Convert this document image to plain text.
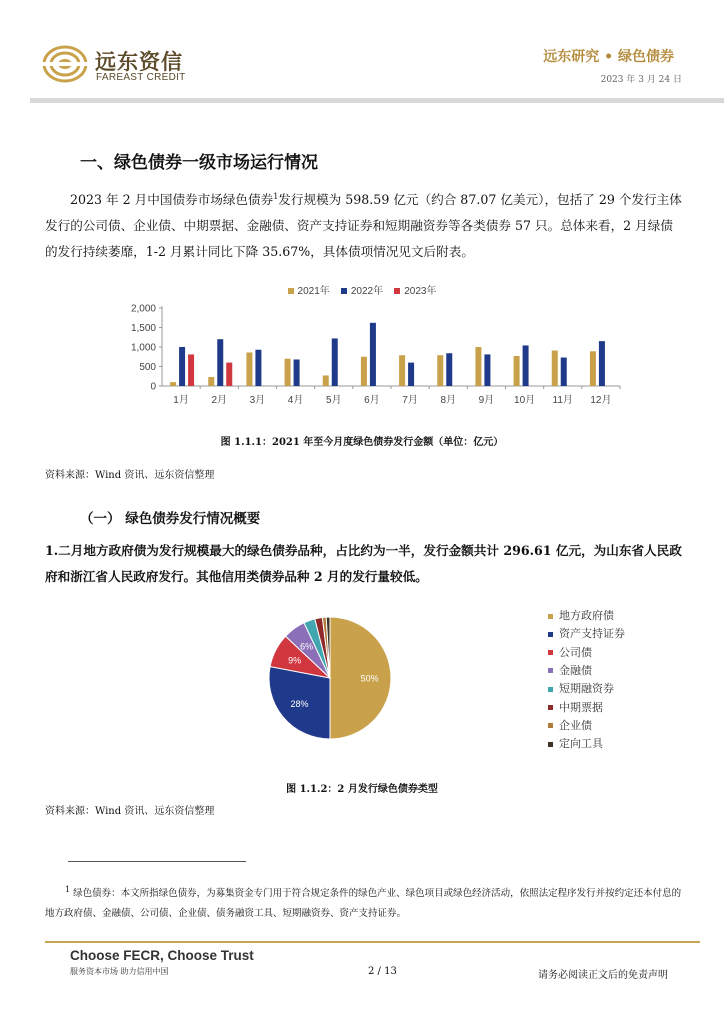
远东资信
FAREAST CREDIT
远东研究 • 绿色债券
2023 年 3 月 24 日
一、绿色债券一级市场运行情况
2023 年 2 月中国债券市场绿色债券$^1$发行规模为 598.59 亿元（约合 87.07 亿美元），包括了 29 个发行主体发行的公司债、企业债、中期票据、金融债、资产支持证券和短期融资券等各类债券 57 只。总体来看，2 月绿债的发行持续萎靡，1-2 月累计同比下降 35.67%，具体债项情况见文后附表。
2021年 2022年 2023年
0
500
1,000
1,500
2,000
1月 2月 3月 4月 5月 6月 7月 8月 9月 10月 11月 12月
图 1.1.1：2021 年至今月度绿色债券发行金额（单位：亿元）
资料来源：Wind 资讯、远东资信整理
（一） 绿色债券发行情况概要
1.二月地方政府债为发行规模最大的绿色债券品种，占比约为一半，发行金额共计 296.61 亿元，为山东省人民政府和浙江省人民政府发行。其他信用类债券品种 2 月的发行量较低。
50%
28%
9%
6%
地方政府债
资产支持证券
公司债
金融债
短期融资券
中期票据
企业债
定向工具
图 1.1.2：2 月发行绿色债券类型
资料来源：Wind 资讯、远东资信整理
$^1$ 绿色债券：本文所指绿色债券，为募集资金专门用于符合规定条件的绿色产业、绿色项目或绿色经济活动，依照法定程序发行并按约定还本付息的地方政府债、金融债、公司债、企业债、债务融资工具、短期融资券、资产支持证券。
Choose FECR, Choose Trust
服务资本市场 助力信用中国	2 / 13	请务必阅读正文后的免责声明
